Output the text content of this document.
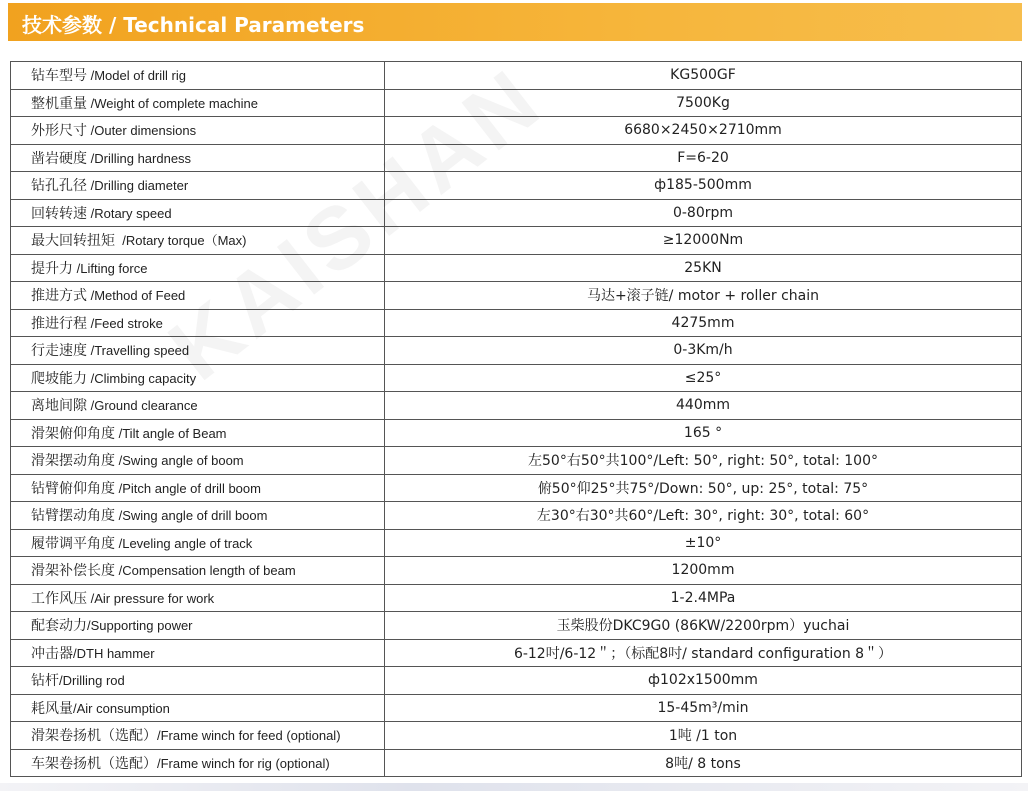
技术参数 / Technical Parameters
钻车型号 /Model of drill rig	KG500GF
整机重量 /Weight of complete machine	7500Kg
外形尺寸 /Outer dimensions	6680×2450×2710mm
凿岩硬度 /Drilling hardness	F=6-20
钻孔孔径 /Drilling diameter	ф185-500mm
回转转速 /Rotary speed	0-80rpm
最大回转扭矩  /Rotary torque（Max)	≥12000Nm
提升力 /Lifting force	25KN
推进方式 /Method of Feed	马达+滚子链/ motor + roller chain
推进行程 /Feed stroke	4275mm
行走速度 /Travelling speed	0-3Km/h
爬坡能力 /Climbing capacity	≤25°
离地间隙 /Ground clearance	440mm
滑架俯仰角度 /Tilt angle of Beam	165 °
滑架摆动角度 /Swing angle of boom	左50°右50°共100°/Left: 50°, right: 50°, total: 100°
钻臂俯仰角度 /Pitch angle of drill boom	俯50°仰25°共75°/Down: 50°, up: 25°, total: 75°
钻臂摆动角度 /Swing angle of drill boom	左30°右30°共60°/Left: 30°, right: 30°, total: 60°
履带调平角度 /Leveling angle of track	±10°
滑架补偿长度 /Compensation length of beam	1200mm
工作风压 /Air pressure for work	1-2.4MPa
配套动力/Supporting power	玉柴股份DKC9G0 (86KW/2200rpm）yuchai
冲击器/DTH hammer	6-12吋/6-12＂；（标配8吋/ standard configuration 8＂）
钻杆/Drilling rod	ф102x1500mm
耗风量/Air consumption	15-45m³/min
滑架卷扬机（选配）/Frame winch for feed (optional)	1吨 /1 ton
车架卷扬机（选配）/Frame winch for rig (optional)	8吨/ 8 tons
